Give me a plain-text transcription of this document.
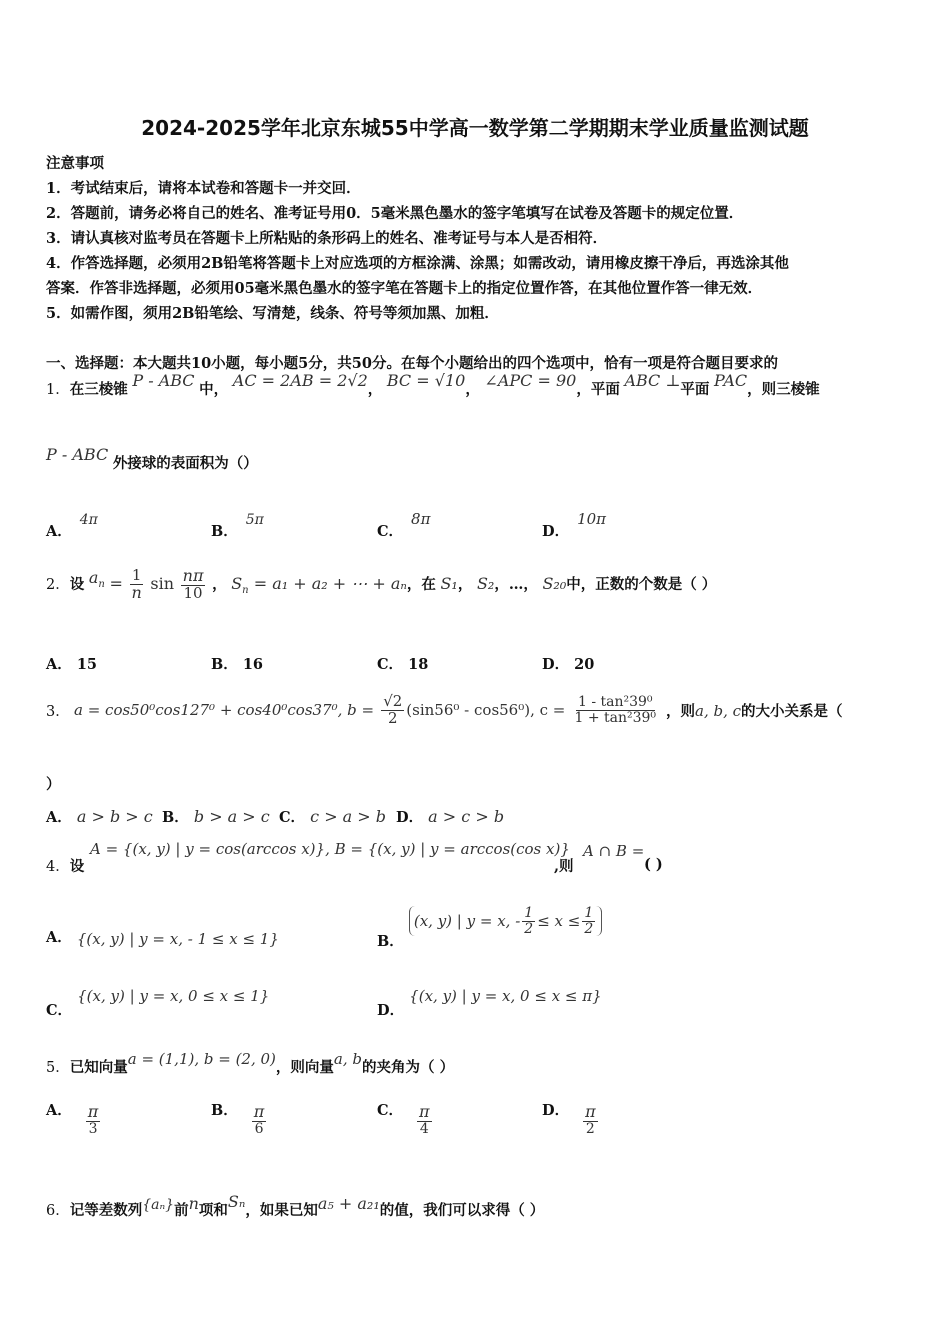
2024-2025学年北京东城55中学高一数学第二学期期末学业质量监测试题
注意事项
1．考试结束后，请将本试卷和答题卡一并交回．
2．答题前，请务必将自己的姓名、准考证号用0．5毫米黑色墨水的签字笔填写在试卷及答题卡的规定位置．
3．请认真核对监考员在答题卡上所粘贴的条形码上的姓名、准考证号与本人是否相符．
4．作答选择题，必须用2B铅笔将答题卡上对应选项的方框涂满、涂黑；如需改动，请用橡皮擦干净后，再选涂其他
答案．作答非选择题，必须用05毫米黑色墨水的签字笔在答题卡上的指定位置作答，在其他位置作答一律无效．
5．如需作图，须用2B铅笔绘、写清楚，线条、符号等须加黑、加粗．
一、选择题：本大题共10小题，每小题5分，共50分。在每个小题给出的四个选项中，恰有一项是符合题目要求的
1．在三棱锥 P - ABC 中， AC = 2AB = 2√2， BC = √10， ∠APC = 90，平面 ABC ⊥平面 PAC，则三棱锥
P - ABC 外接球的表面积为（）
A．4π
B．5π
C．8π
D．10π
2．设 $a_n = \frac{1}{n}$ $\sin \frac{n\pi}{10}$ ， $S_n = a_1 + a_2$ + ⋯ + aₙ，在 S₁， S₂，…， S₂₀中，正数的个数是（ ）
A． 15	B． 16	C． 18	D． 20
3． a = cos50⁰cos127⁰ + cos40⁰cos37⁰, $b = \frac{√2}{2} (\sin 56^0 - \cos 56^0)$, $c = \frac{\text{1 - tan²39⁰}}{\text{1 + tan²39⁰}}$ ，则a, b, c的大小关系是（
）
A． a > b > c B． b > a > c C． c > a > b D． a > c > b
4．设
A = {(x, y) | y = cos(arccos x)}, B = {(x, y) | y = arccos(cos x)}
,则
A ∩ B =
( )
A． {(x, y) | y = x, - 1 ≤ x ≤ 1}	B．
(x, y) | y = x, - $\frac{1}{2} \le x \le \frac{1}{2}$
C． {(x, y) | y = x, 0 ≤ x ≤ 1}
D． {(x, y) | y = x, 0 ≤ x ≤ π}
5．已知向量a = (1,1), b = (2, 0)，则向量a, b的夹角为（ ）
A． $\frac{\pi}{3}$	B． $\frac{\pi}{6}$	C． $\frac{\pi}{4}$	D． $\frac{\pi}{2}$
6．记等差数列{aₙ}前n项和Sₙ，如果已知a₅ + a₂₁的值，我们可以求得（ ）
